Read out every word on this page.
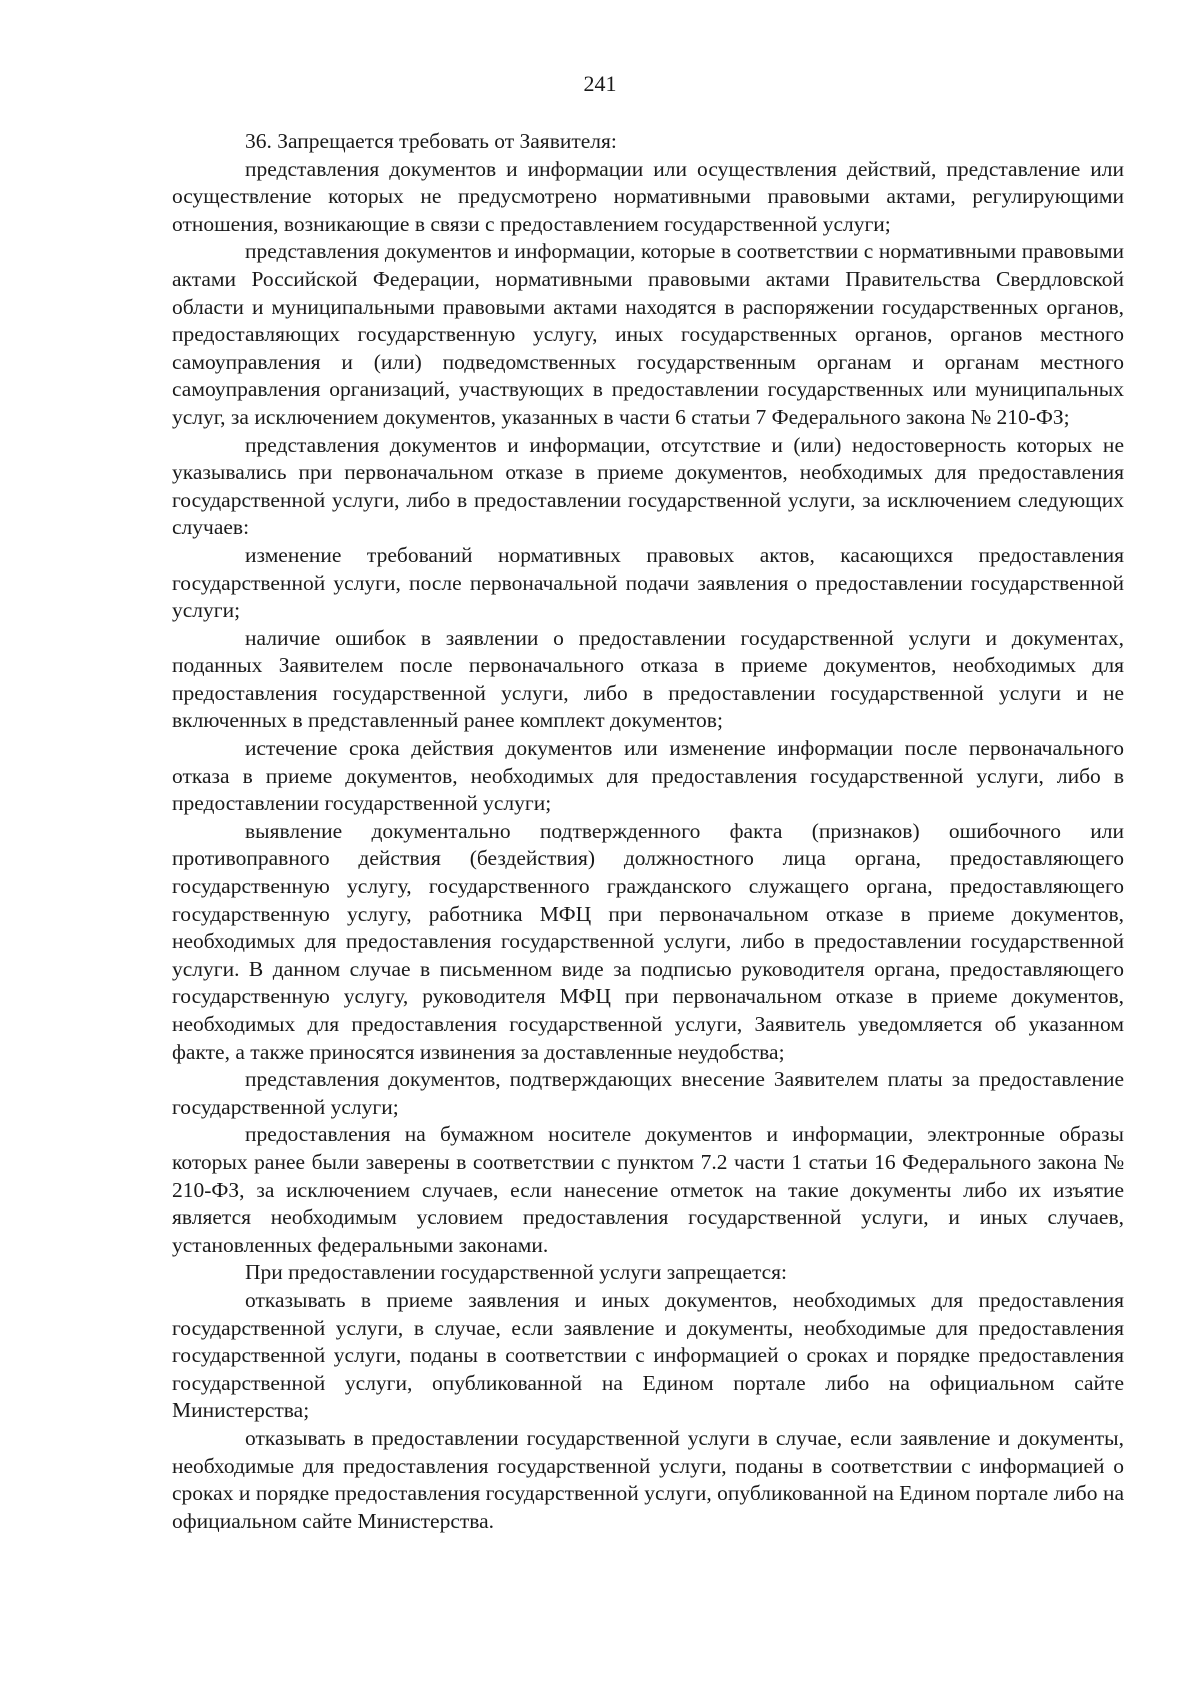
241

36. Запрещается требовать от Заявителя:

представления документов и информации или осуществления действий, представление или осуществление которых не предусмотрено нормативными правовыми актами, регулирующими отношения, возникающие в связи с предоставлением государственной услуги;

представления документов и информации, которые в соответствии с нормативными правовыми актами Российской Федерации, нормативными правовыми актами Правительства Свердловской области и муниципальными правовыми актами находятся в распоряжении государственных органов, предоставляющих государственную услугу, иных государственных органов, органов местного самоуправления и (или) подведомственных государственным органам и органам местного самоуправления организаций, участвующих в предоставлении государственных или муниципальных услуг, за исключением документов, указанных в части 6 статьи 7 Федерального закона № 210-ФЗ;

представления документов и информации, отсутствие и (или) недостоверность которых не указывались при первоначальном отказе в приеме документов, необходимых для предоставления государственной услуги, либо в предоставлении государственной услуги, за исключением следующих случаев:

изменение требований нормативных правовых актов, касающихся предоставления государственной услуги, после первоначальной подачи заявления о предоставлении государственной услуги;

наличие ошибок в заявлении о предоставлении государственной услуги и документах, поданных Заявителем после первоначального отказа в приеме документов, необходимых для предоставления государственной услуги, либо в предоставлении государственной услуги и не включенных в представленный ранее комплект документов;

истечение срока действия документов или изменение информации после первоначального отказа в приеме документов, необходимых для предоставления государственной услуги, либо в предоставлении государственной услуги;

выявление документально подтвержденного факта (признаков) ошибочного или противоправного действия (бездействия) должностного лица органа, предоставляющего государственную услугу, государственного гражданского служащего органа, предоставляющего государственную услугу, работника МФЦ при первоначальном отказе в приеме документов, необходимых для предоставления государственной услуги, либо в предоставлении государственной услуги. В данном случае в письменном виде за подписью руководителя органа, предоставляющего государственную услугу, руководителя МФЦ при первоначальном отказе в приеме документов, необходимых для предоставления государственной услуги, Заявитель уведомляется об указанном факте, а также приносятся извинения за доставленные неудобства;

представления документов, подтверждающих внесение Заявителем платы за предоставление государственной услуги;

предоставления на бумажном носителе документов и информации, электронные образы которых ранее были заверены в соответствии с пунктом 7.2 части 1 статьи 16 Федерального закона № 210-ФЗ, за исключением случаев, если нанесение отметок на такие документы либо их изъятие является необходимым условием предоставления государственной услуги, и иных случаев, установленных федеральными законами.

При предоставлении государственной услуги запрещается:

отказывать в приеме заявления и иных документов, необходимых для предоставления государственной услуги, в случае, если заявление и документы, необходимые для предоставления государственной услуги, поданы в соответствии с информацией о сроках и порядке предоставления государственной услуги, опубликованной на Едином портале либо на официальном сайте Министерства;

отказывать в предоставлении государственной услуги в случае, если заявление и документы, необходимые для предоставления государственной услуги, поданы в соответствии с информацией о сроках и порядке предоставления государственной услуги, опубликованной на Едином портале либо на официальном сайте Министерства.
